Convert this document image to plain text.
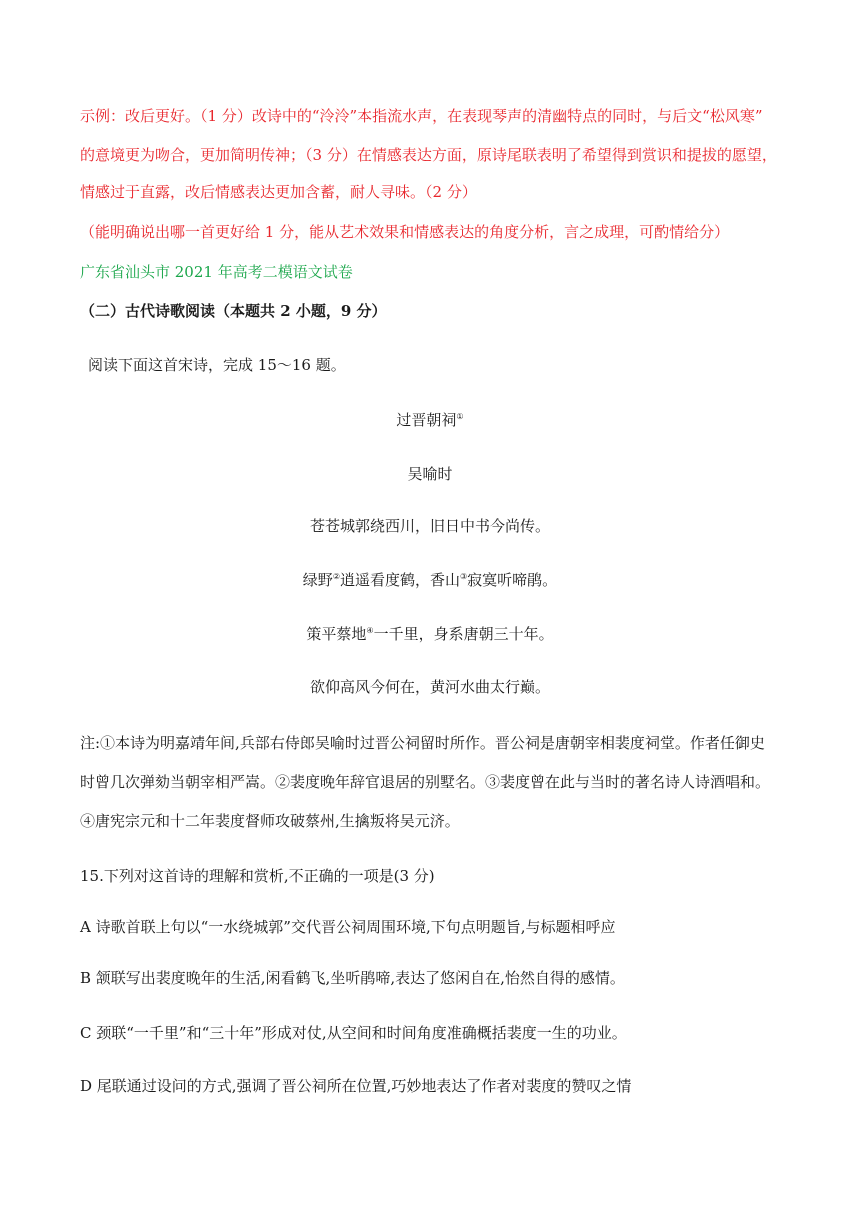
示例：改后更好。（1 分）改诗中的“泠泠”本指流水声，在表现琴声的清幽特点的同时，与后文“松风寒”
的意境更为吻合，更加简明传神；（3 分）在情感表达方面，原诗尾联表明了希望得到赏识和提拔的愿望，
情感过于直露，改后情感表达更加含蓄，耐人寻味。（2 分）
（能明确说出哪一首更好给 1 分，能从艺术效果和情感表达的角度分析，言之成理，可酌情给分）
广东省汕头市 2021 年高考二模语文试卷
（二）古代诗歌阅读（本题共 2 小题，9 分）
阅读下面这首宋诗，完成 15～16 题。
过晋朝祠①
吴喻时
苍苍城郭绕西川，旧日中书今尚传。
绿野②逍遥看度鹤，香山③寂寞听啼鹃。
策平蔡地④一千里，身系唐朝三十年。
欲仰高风今何在，黄河水曲太行巅。
注:①本诗为明嘉靖年间,兵部右侍郎吴喻时过晋公祠留时所作。晋公祠是唐朝宰相裴度祠堂。作者任御史
时曾几次弹劾当朝宰相严嵩。②裴度晚年辞官退居的别墅名。③裴度曾在此与当时的著名诗人诗酒唱和。
④唐宪宗元和十二年裴度督师攻破蔡州,生擒叛将吴元济。
15.下列对这首诗的理解和赏析,不正确的一项是(3 分)
A 诗歌首联上句以“一水绕城郭”交代晋公祠周围环境,下句点明题旨,与标题相呼应
B 颔联写出裴度晚年的生活,闲看鹤飞,坐听鹃啼,表达了悠闲自在,怡然自得的感情。
C 颈联“一千里”和“三十年”形成对仗,从空间和时间角度准确概括裴度一生的功业。
D 尾联通过设问的方式,强调了晋公祠所在位置,巧妙地表达了作者对裴度的赞叹之情
